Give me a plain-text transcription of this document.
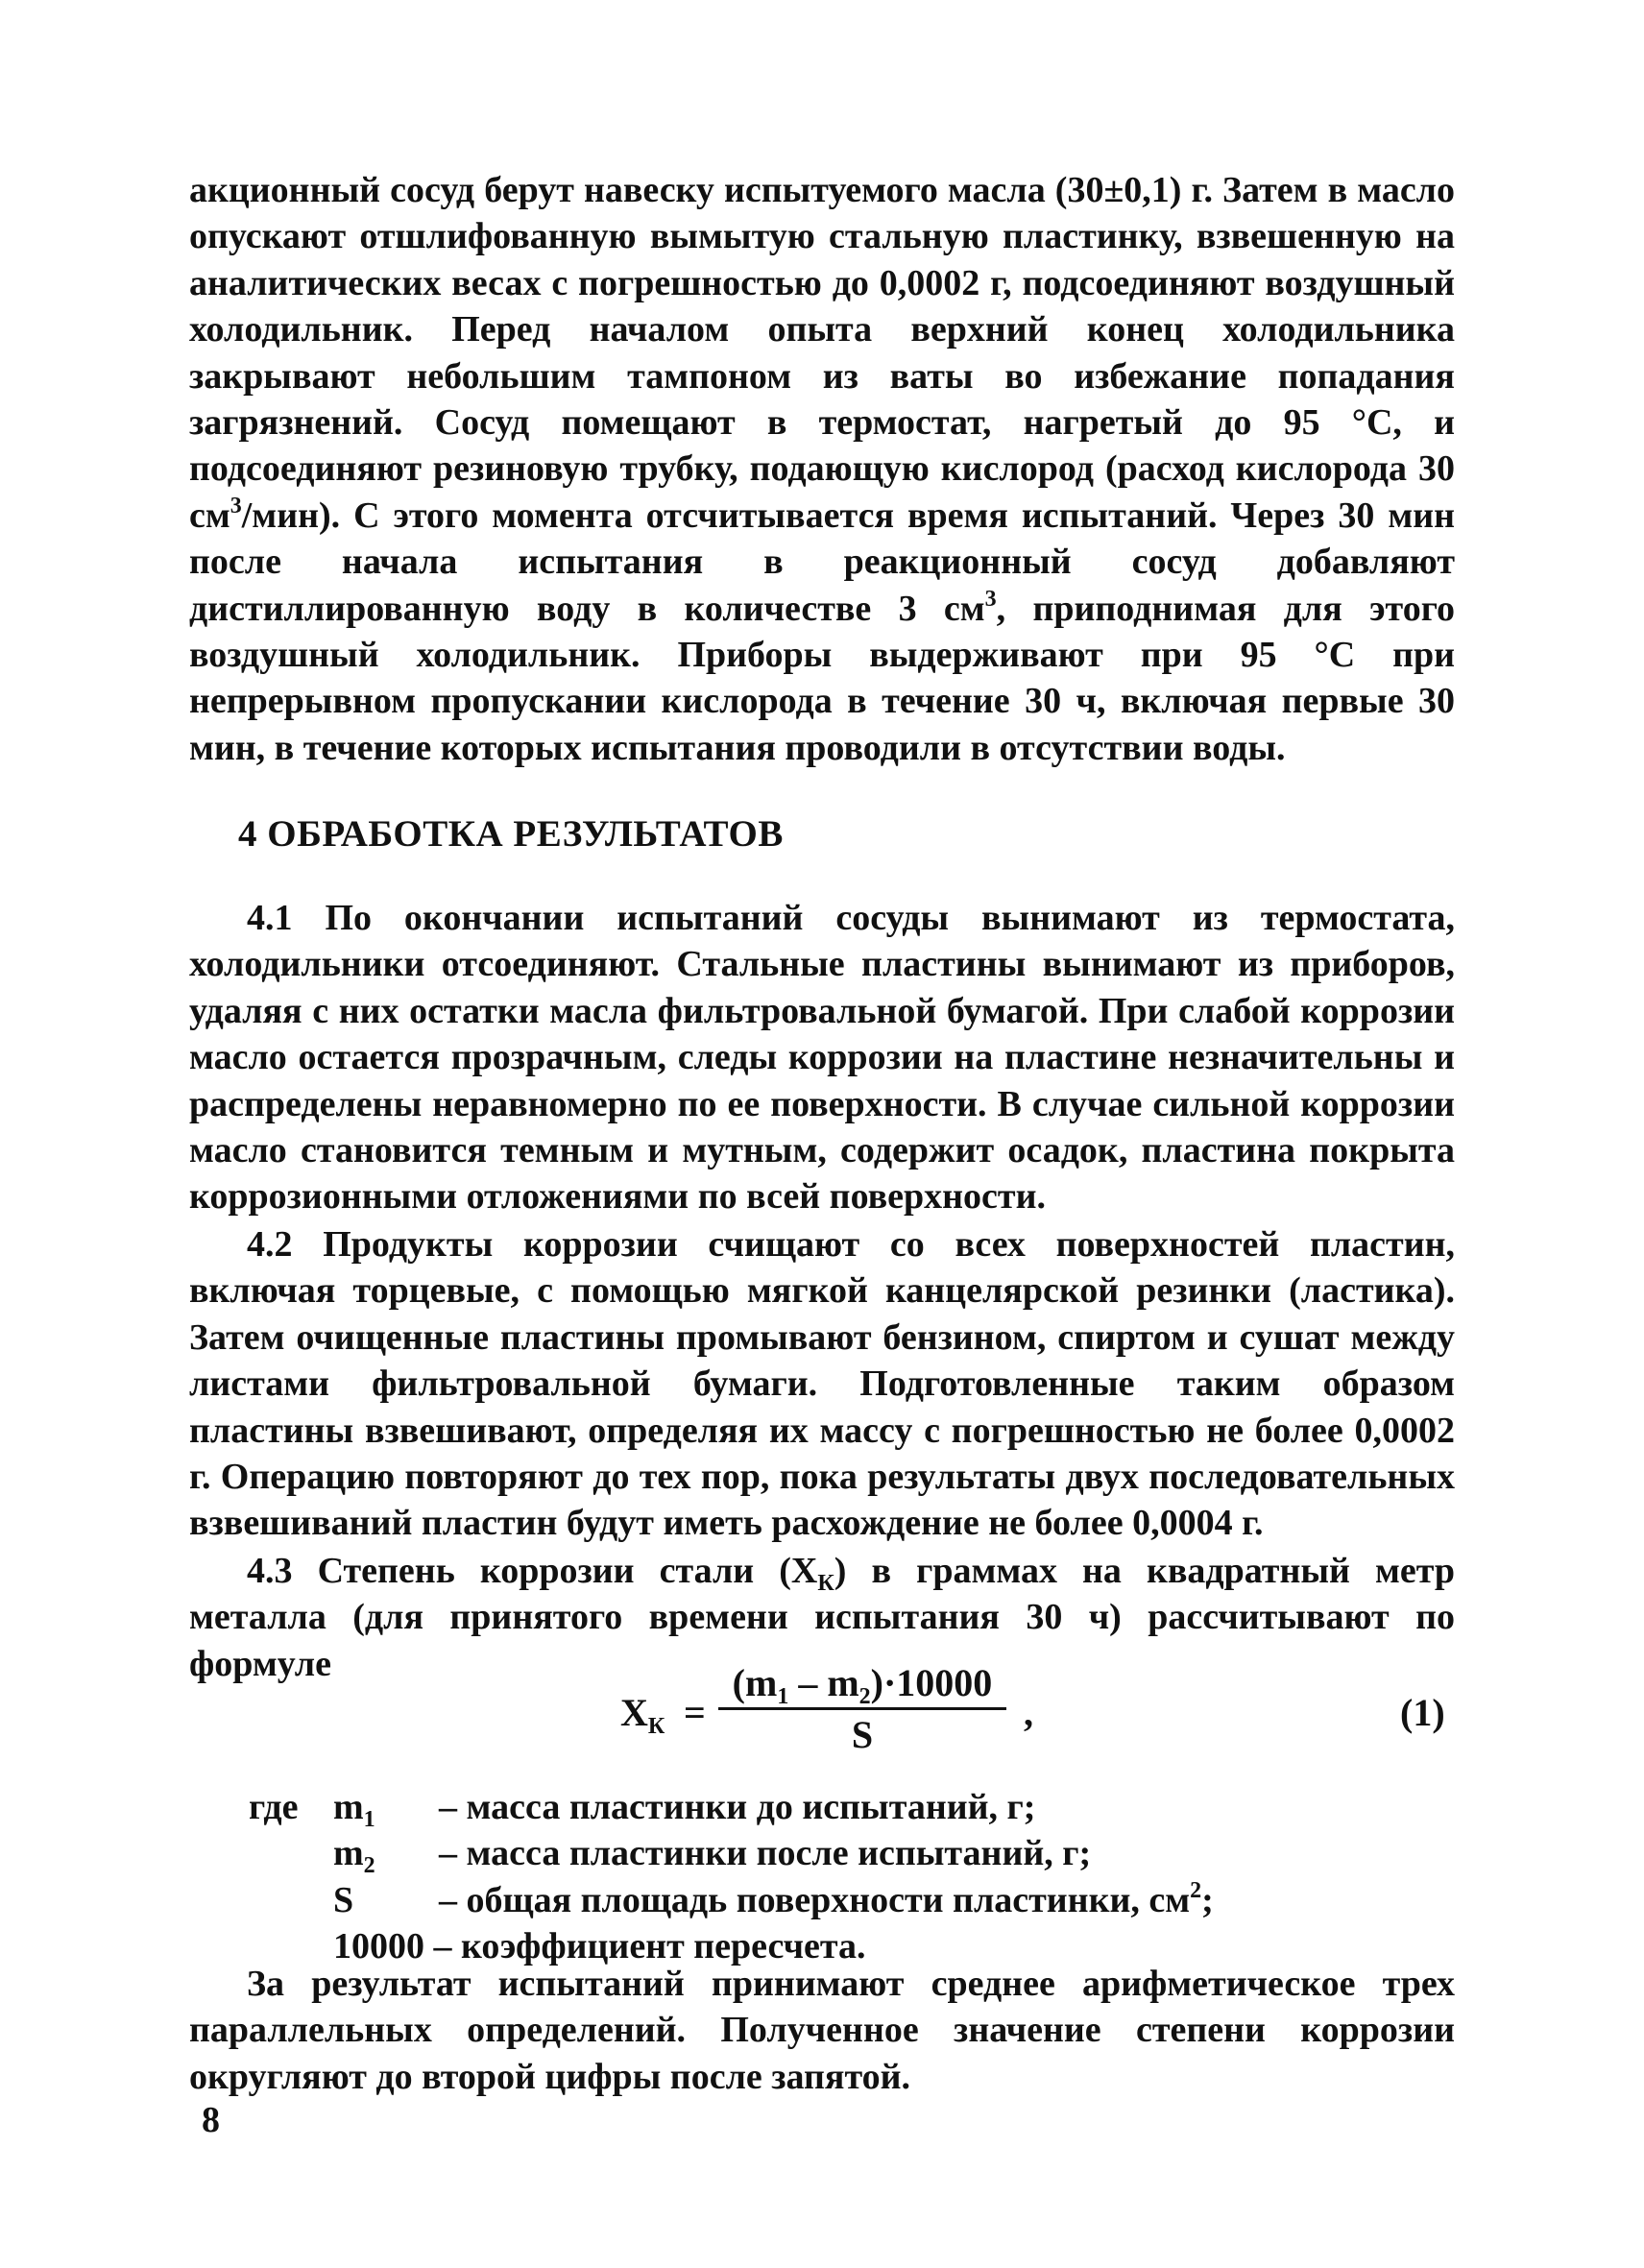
акционный сосуд берут навеску испытуемого масла (30±0,1) г. Затем в масло опускают отшлифованную вымытую стальную пластинку, взвешенную на аналитических весах с погрешностью до 0,0002 г, подсоединяют воздушный холодильник. Перед началом опыта верхний конец холодильника закрывают небольшим тампоном из ваты во избежание попадания загрязнений. Сосуд помещают в термостат, нагретый до 95 °С, и подсоединяют резиновую трубку, подающую кислород (расход кислорода 30 $см^3/мин$). С этого момента отсчитывается время испытаний. Через 30 мин после начала испытания в реакционный сосуд добавляют дистиллированную воду в количестве 3 $см^3$, приподнимая для этого воздушный холодильник. Приборы выдерживают при 95 °С при непрерывном пропускании кислорода в течение 30 ч, включая первые 30 мин, в течение которых испытания проводили в отсутствии воды.

4 ОБРАБОТКА РЕЗУЛЬТАТОВ

4.1 По окончании испытаний сосуды вынимают из термостата, холодильники отсоединяют. Стальные пластины вынимают из приборов, удаляя с них остатки масла фильтровальной бумагой. При слабой коррозии масло остается прозрачным, следы коррозии на пластине незначительны и распределены неравномерно по ее поверхности. В случае сильной коррозии масло становится темным и мутным, содержит осадок, пластина покрыта коррозионными отложениями по всей поверхности.

4.2 Продукты коррозии счищают со всех поверхностей пластин, включая торцевые, с помощью мягкой канцелярской резинки (ластика). Затем очищенные пластины промывают бензином, спиртом и сушат между листами фильтровальной бумаги. Подготовленные таким образом пластины взвешивают, определяя их массу с погрешностью не более 0,0002 г. Операцию повторяют до тех пор, пока результаты двух последовательных взвешиваний пластин будут иметь расхождение не более 0,0004 г.

4.3 Степень коррозии стали $(X_К)$ в граммах на квадратный метр металла (для принятого времени испытания 30 ч) рассчитывают по формуле

$X_К$ =
$(m_1 - m_2)\cdot 10000$
S
,	(1)
где $m_1$ – масса пластинки до испытаний, г;
$m_2$ – масса пластинки после испытаний, г;
S – общая площадь поверхности пластинки, $см^2$;
10000 – коэффициент пересчета.

За результат испытаний принимают среднее арифметическое трех параллельных определений. Полученное значение степени коррозии округляют до второй цифры после запятой.

8
